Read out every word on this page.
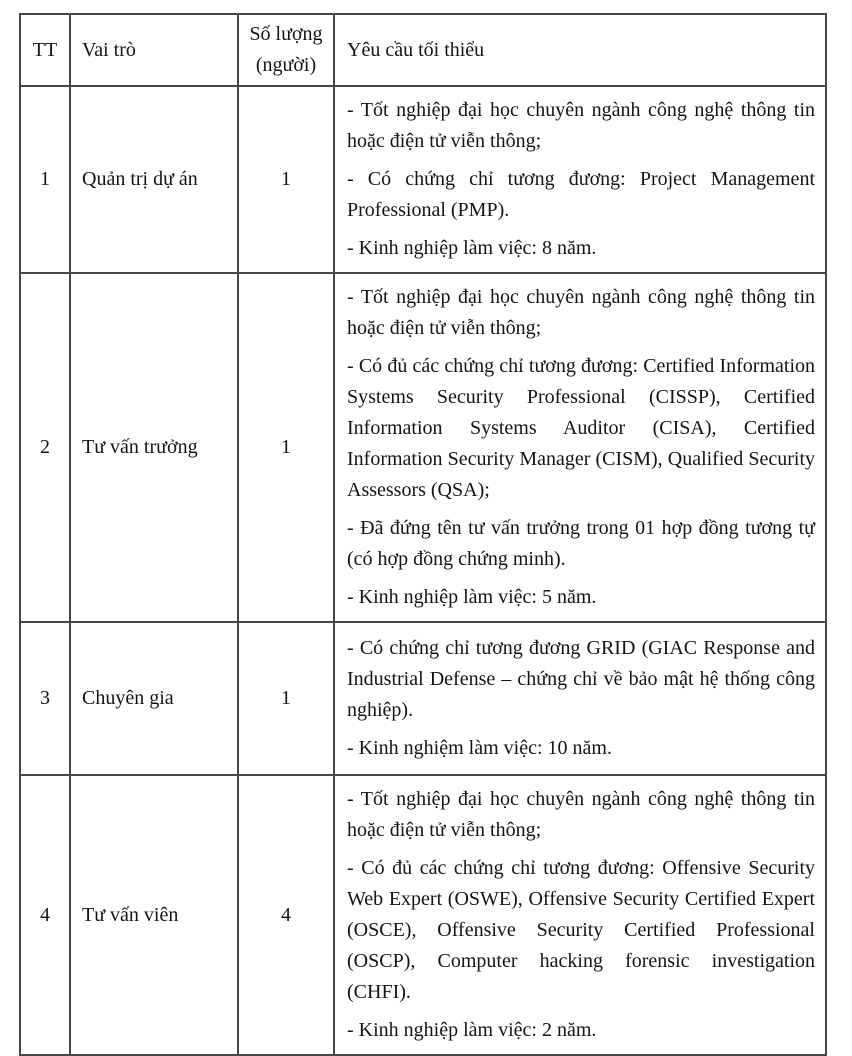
TT	Vai trò	Số lượng (người)	Yêu cầu tối thiểu
1	Quản trị dự án	1	- Tốt nghiệp đại học chuyên ngành công nghệ thông tin hoặc điện tử viễn thông;

- Có chứng chỉ tương đương: Project Management Professional (PMP).

- Kinh nghiệp làm việc: 8 năm.

2	Tư vấn trưởng	1	- Tốt nghiệp đại học chuyên ngành công nghệ thông tin hoặc điện tử viễn thông;

- Có đủ các chứng chỉ tương đương: Certified Information Systems Security Professional (CISSP), Certified Information Systems Auditor (CISA), Certified Information Security Manager (CISM), Qualified Security Assessors (QSA);

- Đã đứng tên tư vấn trưởng trong 01 hợp đồng tương tự (có hợp đồng chứng minh).

- Kinh nghiệp làm việc: 5 năm.

3	Chuyên gia	1	- Có chứng chỉ tương đương GRID (GIAC Response and Industrial Defense – chứng chỉ về bảo mật hệ thống công nghiệp).

- Kinh nghiệm làm việc: 10 năm.

4	Tư vấn viên	4	- Tốt nghiệp đại học chuyên ngành công nghệ thông tin hoặc điện tử viễn thông;

- Có đủ các chứng chỉ tương đương: Offensive Security Web Expert (OSWE), Offensive Security Certified Expert (OSCE), Offensive Security Certified Professional (OSCP), Computer hacking forensic investigation (CHFI).

- Kinh nghiệp làm việc: 2 năm.
